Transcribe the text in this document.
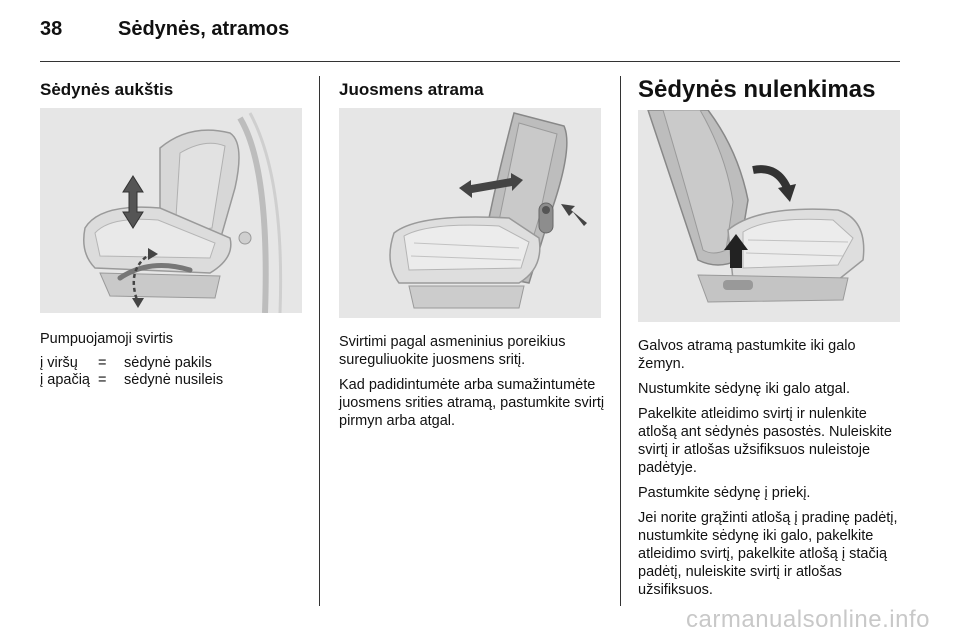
38	Sėdynės, atramos
Sėdynės aukštis

Pumpuojamoji svirtis

į viršų	=	sėdynė pakils
į apačią	=	sėdynė nusileis
Juosmens atrama

Svirtimi pagal asmeninius poreikius sureguliuokite juosmens sritį.

Kad padidintumėte arba sumažintumėte juosmens srities atramą, pastumkite svirtį pirmyn arba atgal.

Sėdynės nulenkimas

Galvos atramą pastumkite iki galo žemyn.

Nustumkite sėdynę iki galo atgal.

Pakelkite atleidimo svirtį ir nulenkite atlošą ant sėdynės pasostės. Nuleiskite svirtį ir atlošas užsifiksuos nuleistoje padėtyje.

Pastumkite sėdynę į priekį.

Jei norite grąžinti atlošą į pradinę padėtį, nustumkite sėdynę iki galo, pakelkite atleidimo svirtį, pakelkite atlošą į stačią padėtį, nuleiskite svirtį ir atlošas užsifiksuos.

carmanualsonline.info
